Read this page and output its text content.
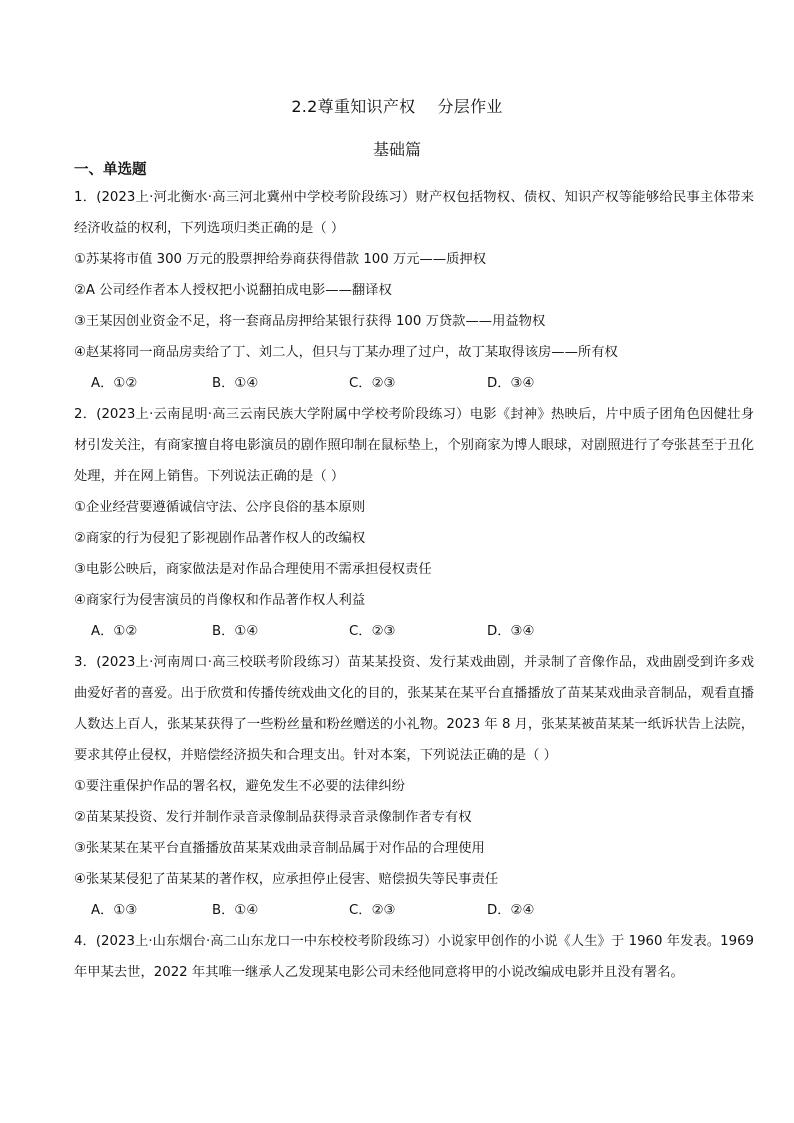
2.2尊重知识产权 分层作业
基础篇
一、单选题
1．(2023上·河北衡水·高三河北冀州中学校考阶段练习）财产权包括物权、债权、知识产权等能够给民事主体带来经济收益的权利，下列选项归类正确的是（ ）
①苏某将市值 300 万元的股票押给券商获得借款 100 万元——质押权
②A 公司经作者本人授权把小说翻拍成电影——翻译权
③王某因创业资金不足，将一套商品房押给某银行获得 100 万贷款——用益物权
④赵某将同一商品房卖给了丁、刘二人，但只与丁某办理了过户，故丁某取得该房——所有权
A．①②	B．①④	C．②③	D．③④
2．(2023上·云南昆明·高三云南民族大学附属中学校考阶段练习）电影《封神》热映后，片中质子团角色因健壮身材引发关注，有商家擅自将电影演员的剧作照印制在鼠标垫上，个别商家为博人眼球，对剧照进行了夸张甚至于丑化处理，并在网上销售。下列说法正确的是（ ）
①企业经营要遵循诚信守法、公序良俗的基本原则
②商家的行为侵犯了影视剧作品著作权人的改编权
③电影公映后，商家做法是对作品合理使用不需承担侵权责任
④商家行为侵害演员的肖像权和作品著作权人利益
A．①②	B．①④	C．②③	D．③④
3．(2023上·河南周口·高三校联考阶段练习）苗某某投资、发行某戏曲剧，并录制了音像作品，戏曲剧受到许多戏曲爱好者的喜爱。出于欣赏和传播传统戏曲文化的目的，张某某在某平台直播播放了苗某某戏曲录音制品，观看直播人数达上百人，张某某获得了一些粉丝量和粉丝赠送的小礼物。2023 年 8 月，张某某被苗某某一纸诉状告上法院，要求其停止侵权，并赔偿经济损失和合理支出。针对本案，下列说法正确的是（ ）
①要注重保护作品的署名权，避免发生不必要的法律纠纷
②苗某某投资、发行并制作录音录像制品获得录音录像制作者专有权
③张某某在某平台直播播放苗某某戏曲录音制品属于对作品的合理使用
④张某某侵犯了苗某某的著作权，应承担停止侵害、赔偿损失等民事责任
A．①③	B．①④	C．②③	D．②④
4．(2023上·山东烟台·高二山东龙口一中东校校考阶段练习）小说家甲创作的小说《人生》于 1960 年发表。1969 年甲某去世，2022 年其唯一继承人乙发现某电影公司未经他同意将甲的小说改编成电影并且没有署名。
